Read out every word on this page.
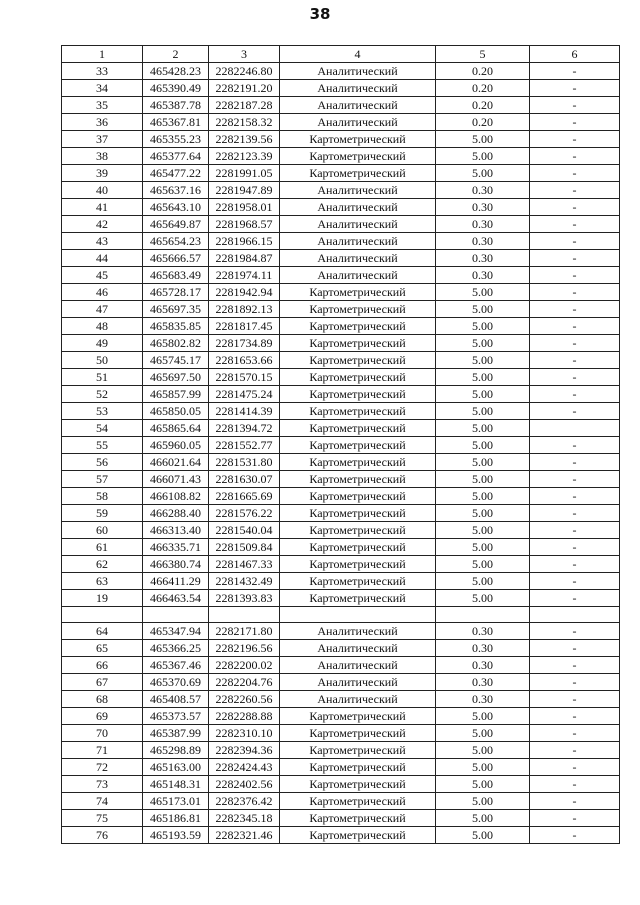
38
1	2	3	4	5	6
33	465428.23	2282246.80	Аналитический	0.20	-
34	465390.49	2282191.20	Аналитический	0.20	-
35	465387.78	2282187.28	Аналитический	0.20	-
36	465367.81	2282158.32	Аналитический	0.20	-
37	465355.23	2282139.56	Картометрический	5.00	-
38	465377.64	2282123.39	Картометрический	5.00	-
39	465477.22	2281991.05	Картометрический	5.00	-
40	465637.16	2281947.89	Аналитический	0.30	-
41	465643.10	2281958.01	Аналитический	0.30	-
42	465649.87	2281968.57	Аналитический	0.30	-
43	465654.23	2281966.15	Аналитический	0.30	-
44	465666.57	2281984.87	Аналитический	0.30	-
45	465683.49	2281974.11	Аналитический	0.30	-
46	465728.17	2281942.94	Картометрический	5.00	-
47	465697.35	2281892.13	Картометрический	5.00	-
48	465835.85	2281817.45	Картометрический	5.00	-
49	465802.82	2281734.89	Картометрический	5.00	-
50	465745.17	2281653.66	Картометрический	5.00	-
51	465697.50	2281570.15	Картометрический	5.00	-
52	465857.99	2281475.24	Картометрический	5.00	-
53	465850.05	2281414.39	Картометрический	5.00	-
54	465865.64	2281394.72	Картометрический	5.00	
55	465960.05	2281552.77	Картометрический	5.00	-
56	466021.64	2281531.80	Картометрический	5.00	-
57	466071.43	2281630.07	Картометрический	5.00	-
58	466108.82	2281665.69	Картометрический	5.00	-
59	466288.40	2281576.22	Картометрический	5.00	-
60	466313.40	2281540.04	Картометрический	5.00	-
61	466335.71	2281509.84	Картометрический	5.00	-
62	466380.74	2281467.33	Картометрический	5.00	-
63	466411.29	2281432.49	Картометрический	5.00	-
19	466463.54	2281393.83	Картометрический	5.00	-

64	465347.94	2282171.80	Аналитический	0.30	-
65	465366.25	2282196.56	Аналитический	0.30	-
66	465367.46	2282200.02	Аналитический	0.30	-
67	465370.69	2282204.76	Аналитический	0.30	-
68	465408.57	2282260.56	Аналитический	0.30	-
69	465373.57	2282288.88	Картометрический	5.00	-
70	465387.99	2282310.10	Картометрический	5.00	-
71	465298.89	2282394.36	Картометрический	5.00	-
72	465163.00	2282424.43	Картометрический	5.00	-
73	465148.31	2282402.56	Картометрический	5.00	-
74	465173.01	2282376.42	Картометрический	5.00	-
75	465186.81	2282345.18	Картометрический	5.00	-
76	465193.59	2282321.46	Картометрический	5.00	-
